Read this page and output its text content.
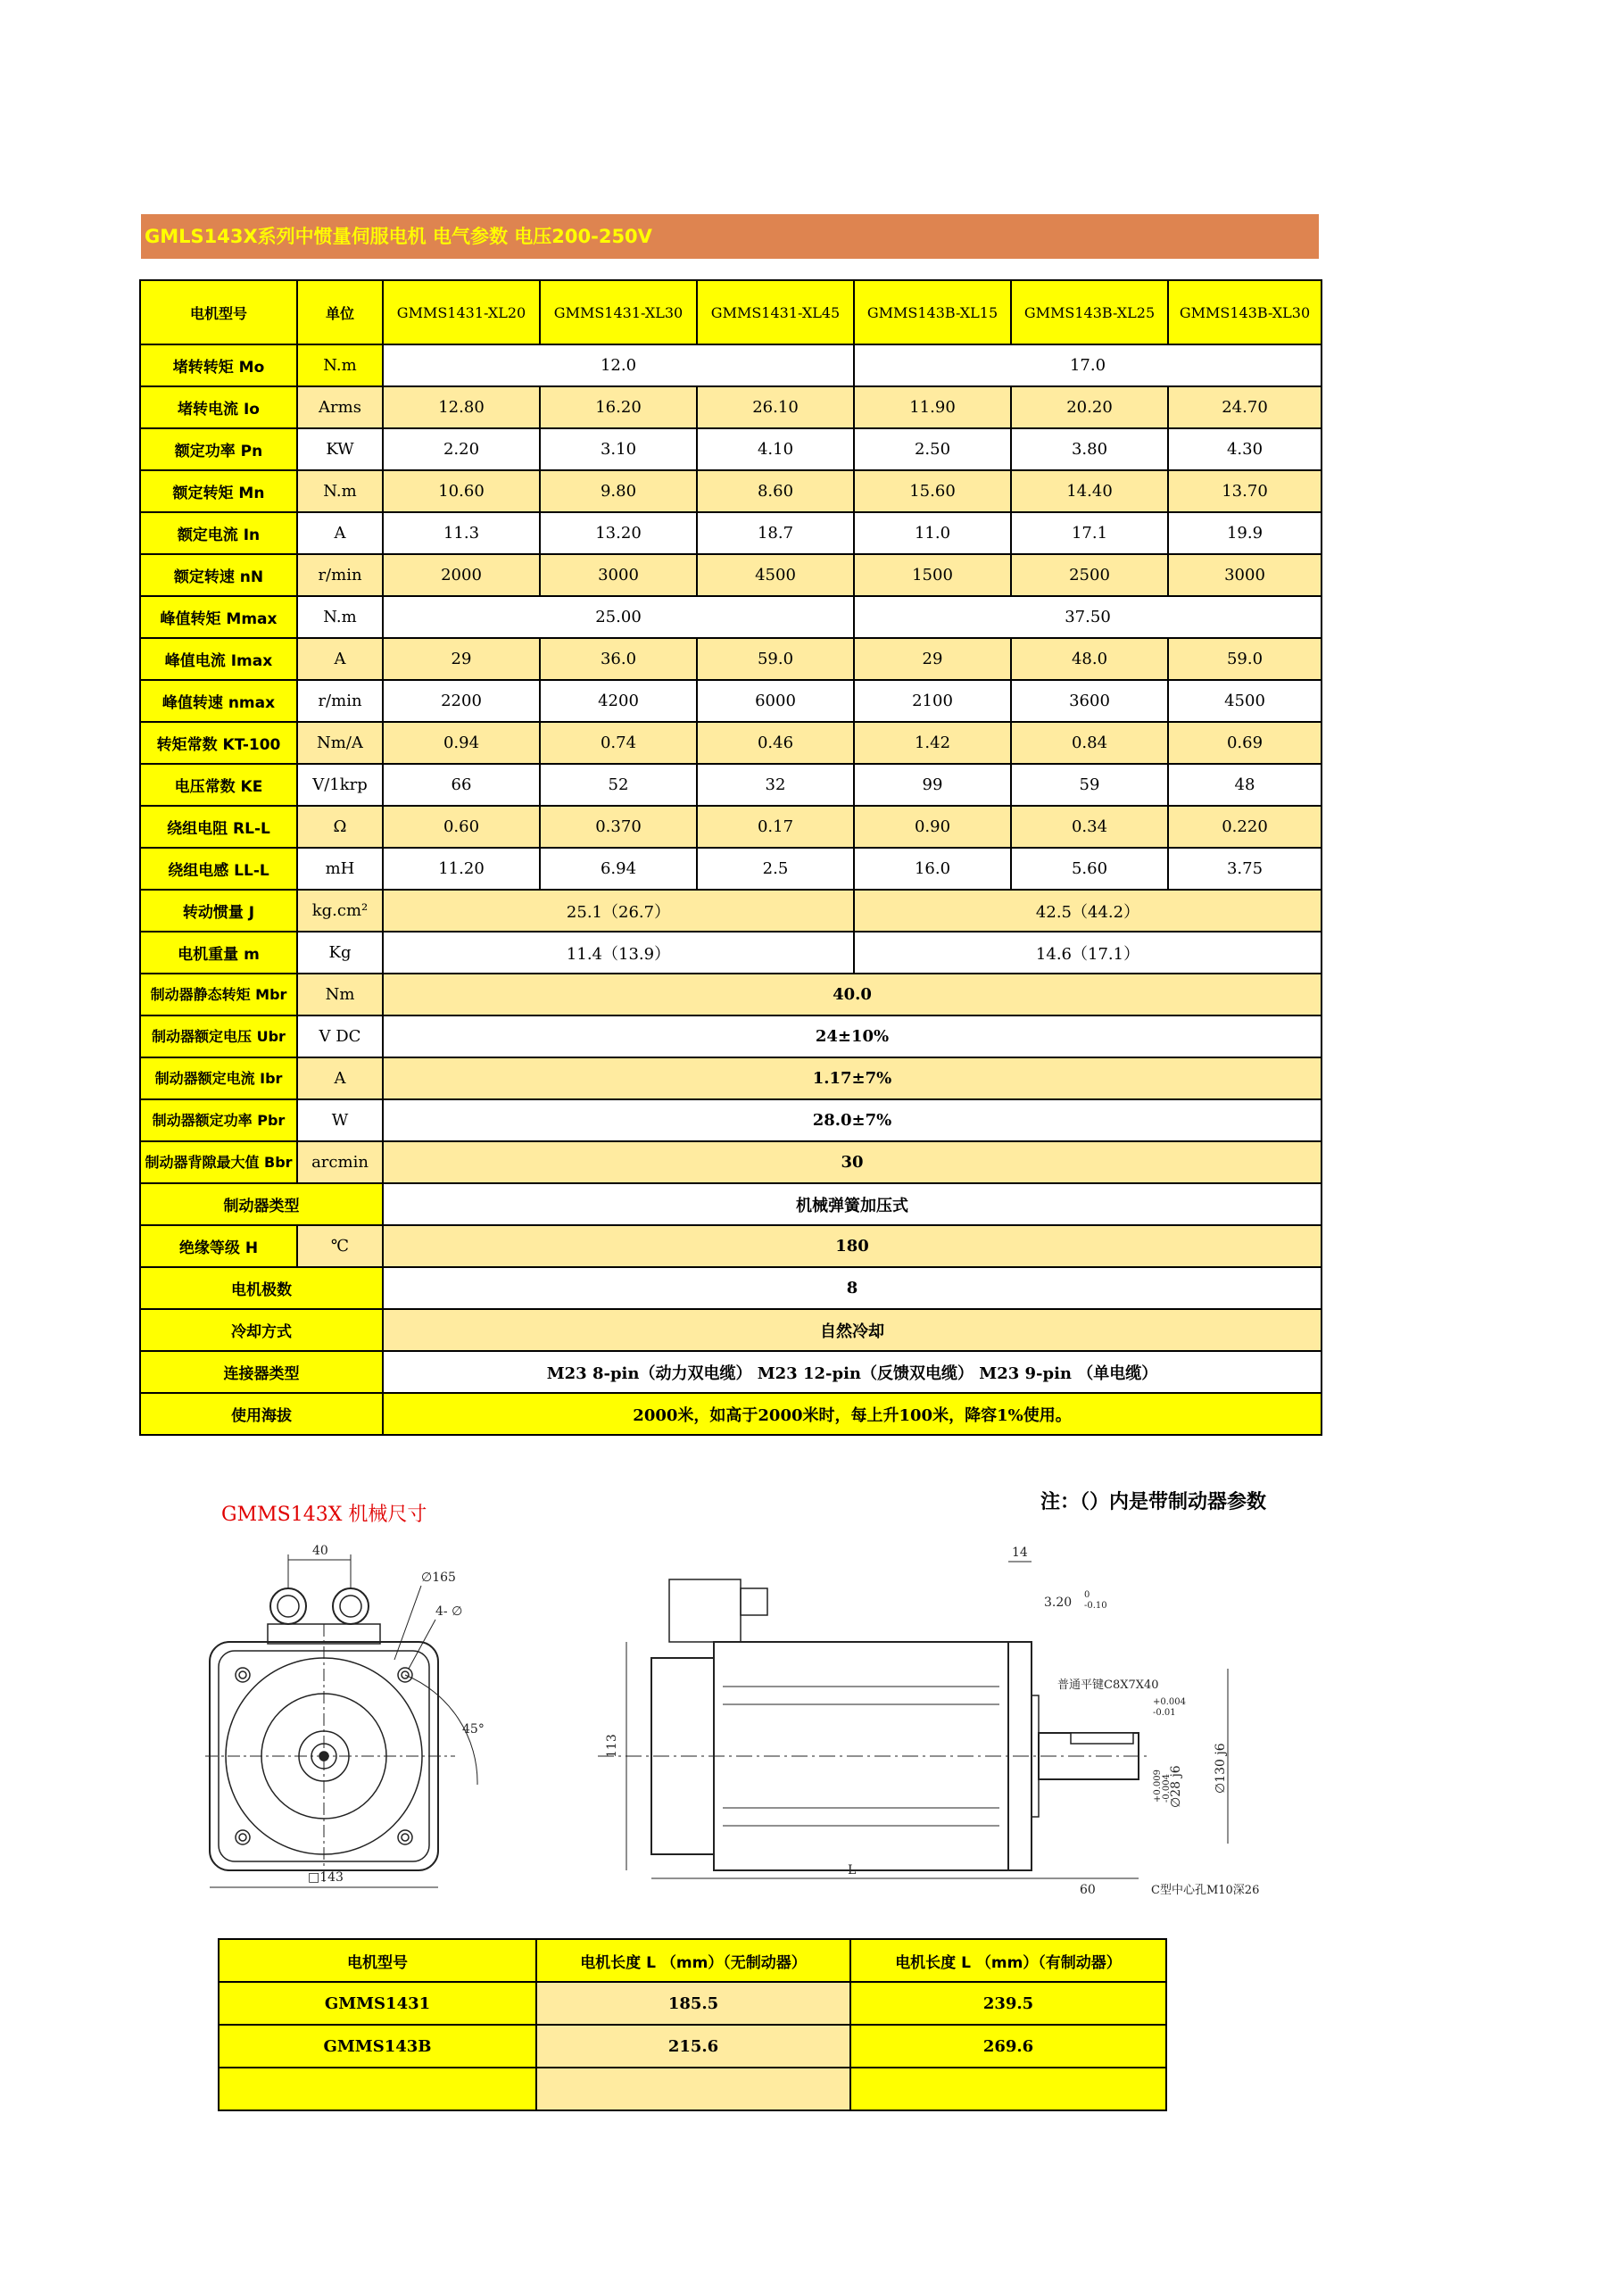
GMLS143X系列中惯量伺服电机 电气参数 电压200-250V
电机型号	单位	GMMS1431-XL20	GMMS1431-XL30	GMMS1431-XL45	GMMS143B-XL15	GMMS143B-XL25	GMMS143B-XL30
堵转转矩 Mo	N.m	12.0			17.0		
堵转电流 Io	Arms	12.80	16.20	26.10	11.90	20.20	24.70
额定功率 Pn	KW	2.20	3.10	4.10	2.50	3.80	4.30
额定转矩 Mn	N.m	10.60	9.80	8.60	15.60	14.40	13.70
额定电流 In	A	11.3	13.20	18.7	11.0	17.1	19.9
额定转速 nN	r/min	2000	3000	4500	1500	2500	3000
峰值转矩 Mmax	N.m	25.00			37.50		
峰值电流 Imax	A	29	36.0	59.0	29	48.0	59.0
峰值转速 nmax	r/min	2200	4200	6000	2100	3600	4500
转矩常数 KT-100	Nm/A	0.94	0.74	0.46	1.42	0.84	0.69
电压常数 KE	V/1krp	66	52	32	99	59	48
绕组电阻 RL-L	Ω	0.60	0.370	0.17	0.90	0.34	0.220
绕组电感 LL-L	mH	11.20	6.94	2.5	16.0	5.60	3.75
转动惯量 J	kg.cm²	25.1（26.7）			42.5（44.2）		
电机重量 m	Kg	11.4（13.9）			14.6（17.1）		
制动器静态转矩 Mbr	Nm	40.0					
制动器额定电压 Ubr	V DC	24±10%					
制动器额定电流 Ibr	A	1.17±7%					
制动器额定功率 Pbr	W	28.0±7%					
制动器背隙最大值 Bbr	arcmin	30					
制动器类型		机械弹簧加压式					
绝缘等级 H	℃	180					
电机极数		8					
冷却方式		自然冷却					
连接器类型		M23 8-pin（动力双电缆） M23 12-pin（反馈双电缆） M23 9-pin （单电缆）					
使用海拔		2000米，如高于2000米时，每上升100米，降容1%使用。					
GMMS143X 机械尺寸
注：（）内是带制动器参数
40
∅165
4- ∅
45°
□143
113
14
3.20
0
-0.10
普通平键C8X7X40
+0.004
-0.01
∅130 j6
∅28 j6
+0.009 -0.004
L
60	C型中心孔M10深26
电机型号	电机长度 L （mm）（无制动器）	电机长度 L （mm）（有制动器）
GMMS1431	185.5	239.5
GMMS143B	215.6	269.6
